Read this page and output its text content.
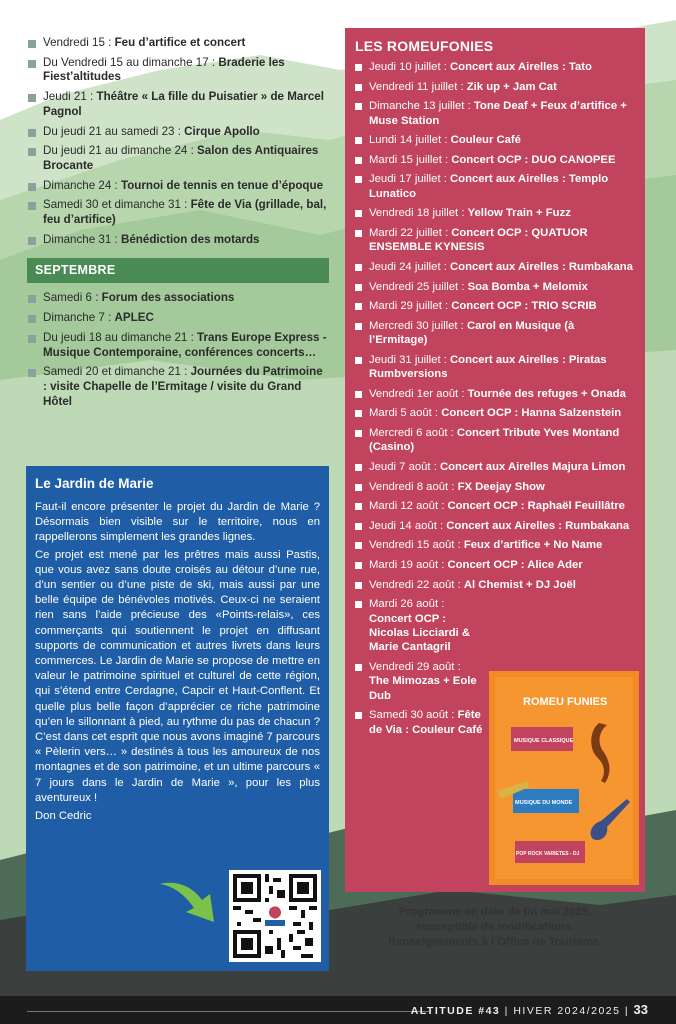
Vendredi 15 : Feu d’artifice et concert
Du Vendredi 15 au dimanche 17 : Braderie les Fiest’altitudes
Jeudi 21 : Théâtre « La fille du Puisatier » de Marcel Pagnol
Du jeudi 21 au samedi 23 : Cirque Apollo
Du jeudi 21 au dimanche 24 : Salon des Antiquaires Brocante
Dimanche 24 : Tournoi de tennis en tenue d’époque
Samedi 30 et dimanche 31 : Fête de Via (grillade, bal, feu d’artifice)
Dimanche 31 : Bénédiction des motards
SEPTEMBRE
Samedi 6 : Forum des associations
Dimanche 7 : APLEC
Du jeudi 18 au dimanche 21 : Trans Europe Express - Musique Contemporaine, conférences concerts…
Samedi 20 et dimanche 21 : Journées du Patrimoine : visite Chapelle de l’Ermitage / visite du Grand Hôtel
Le Jardin de Marie

Faut-il encore présenter le projet du Jardin de Marie ? Désormais bien visible sur le territoire, nous en rappellerons simplement les grandes lignes.

Ce projet est mené par les prêtres mais aussi Pastis, que vous avez sans doute croisés au détour d’une rue, d’un sentier ou d’une piste de ski, mais aussi par une belle équipe de bénévoles motivés. Ceux-ci ne seraient rien sans l’aide précieuse des «Points-relais», ces commerçants qui soutiennent le projet en diffusant supports de communication et autres livrets dans leurs commerces. Le Jardin de Marie se propose de mettre en valeur le patrimoine spirituel et culturel de cette région, qui s’étend entre Cerdagne, Capcir et Haut-Conflent. Et quelle plus belle façon d’apprécier ce riche patrimoine qu’en le sillonnant à pied, au rythme du pas de chacun ? C’est dans cet esprit que nous avons imaginé 7 parcours « Pèlerin vers… » destinés à tous les amoureux de nos montagnes et de son patrimoine, et un ultime parcours « 7 jours dans le Jardin de Marie », pour les plus aventureux !

Don Cedric
LES ROMEUFONIES
Jeudi 10 juillet : Concert aux Airelles : Tato
Vendredi 11 juillet : Zik up + Jam Cat
Dimanche 13 juillet : Tone Deaf + Feux d’artifice + Muse Station
Lundi 14 juillet : Couleur Café
Mardi 15 juillet : Concert OCP : DUO CANOPEE
Jeudi 17 juillet : Concert aux Airelles : Templo Lunatico
Vendredi 18 juillet : Yellow Train + Fuzz
Mardi 22 juillet : Concert OCP : QUATUOR ENSEMBLE KYNESIS
Jeudi 24 juillet : Concert aux Airelles : Rumbakana
Vendredi 25 juillet : Soa Bomba + Melomix
Mardi 29 juillet : Concert OCP : TRIO SCRIB
Mercredi 30 juillet : Carol en Musique (à l’Ermitage)
Jeudi 31 juillet : Concert aux Airelles : Piratas Rumbversions
Vendredi 1er août : Tournée des refuges + Onada
Mardi 5 août : Concert OCP : Hanna Salzenstein
Mercredi 6 août : Concert Tribute Yves Montand (Casino)
Jeudi 7 août : Concert aux Airelles Majura Limon
Vendredi 8 août : FX Deejay Show
Mardi 12 août : Concert OCP : Raphaël Feuillâtre
Jeudi 14 août : Concert aux Airelles : Rumbakana
Vendredi 15 août : Feux d’artifice + No Name
Mardi 19 août : Concert OCP : Alice Ader
Vendredi 22 août : Al Chemist + DJ Joël
Mardi 26 août : Concert OCP : Nicolas Licciardi & Marie Cantagril
Vendredi 29 août : The Mimozas + Eole Dub
Samedi 30 août : Fête de Via : Couleur Café
ROMEU FUNIES
MUSIQUE CLASSIQUE
MUSIQUE DU MONDE
POP ROCK VARIETES - DJ
Programme en date de fin mai 2025,
susceptible de modifications.
Renseignements à l’Office de Tourisme.
ALTITUDE #43 | HIVER 2024/2025 | 33
